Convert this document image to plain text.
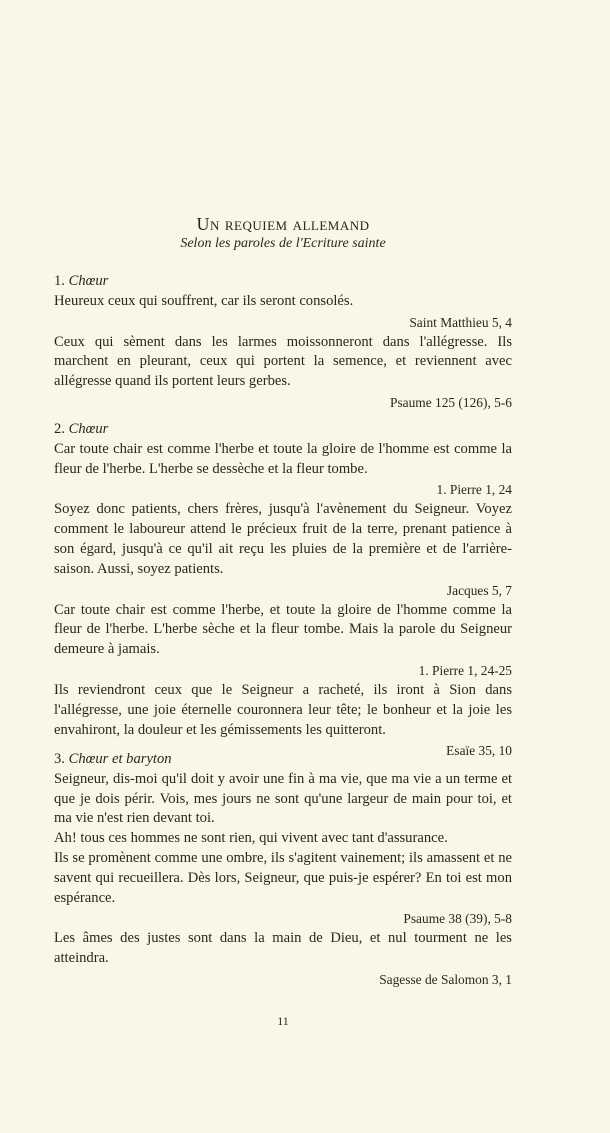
Un requiem allemand
Selon les paroles de l'Ecriture sainte
1. Chœur

Heureux ceux qui souffrent, car ils seront consolés.

Saint Matthieu 5, 4

Ceux qui sèment dans les larmes moissonneront dans l'allégresse. Ils marchent en pleurant, ceux qui portent la semence, et reviennent avec allégresse quand ils portent leurs gerbes.

Psaume 125 (126), 5-6
2. Chœur

Car toute chair est comme l'herbe et toute la gloire de l'homme est comme la fleur de l'herbe. L'herbe se dessèche et la fleur tombe.

1. Pierre 1, 24

Soyez donc patients, chers frères, jusqu'à l'avènement du Seigneur. Voyez comment le laboureur attend le précieux fruit de la terre, prenant patience à son égard, jusqu'à ce qu'il ait reçu les pluies de la première et de l'arrière-saison. Aussi, soyez patients.

Jacques 5, 7

Car toute chair est comme l'herbe, et toute la gloire de l'homme comme la fleur de l'herbe. L'herbe sèche et la fleur tombe. Mais la parole du Seigneur demeure à jamais.

1. Pierre 1, 24-25

Ils reviendront ceux que le Seigneur a racheté, ils iront à Sion dans l'allégresse, une joie éternelle couronnera leur tête; le bonheur et la joie les envahiront, la douleur et les gémissements les quitteront.

Esaïe 35, 10
3. Chœur et baryton

Seigneur, dis-moi qu'il doit y avoir une fin à ma vie, que ma vie a un terme et que je dois périr. Vois, mes jours ne sont qu'une largeur de main pour toi, et ma vie n'est rien devant toi.

Ah! tous ces hommes ne sont rien, qui vivent avec tant d'assurance.

Ils se promènent comme une ombre, ils s'agitent vainement; ils amassent et ne savent qui recueillera. Dès lors, Seigneur, que puis-je espérer? En toi est mon espérance.

Psaume 38 (39), 5-8

Les âmes des justes sont dans la main de Dieu, et nul tourment ne les atteindra.

Sagesse de Salomon 3, 1
11
